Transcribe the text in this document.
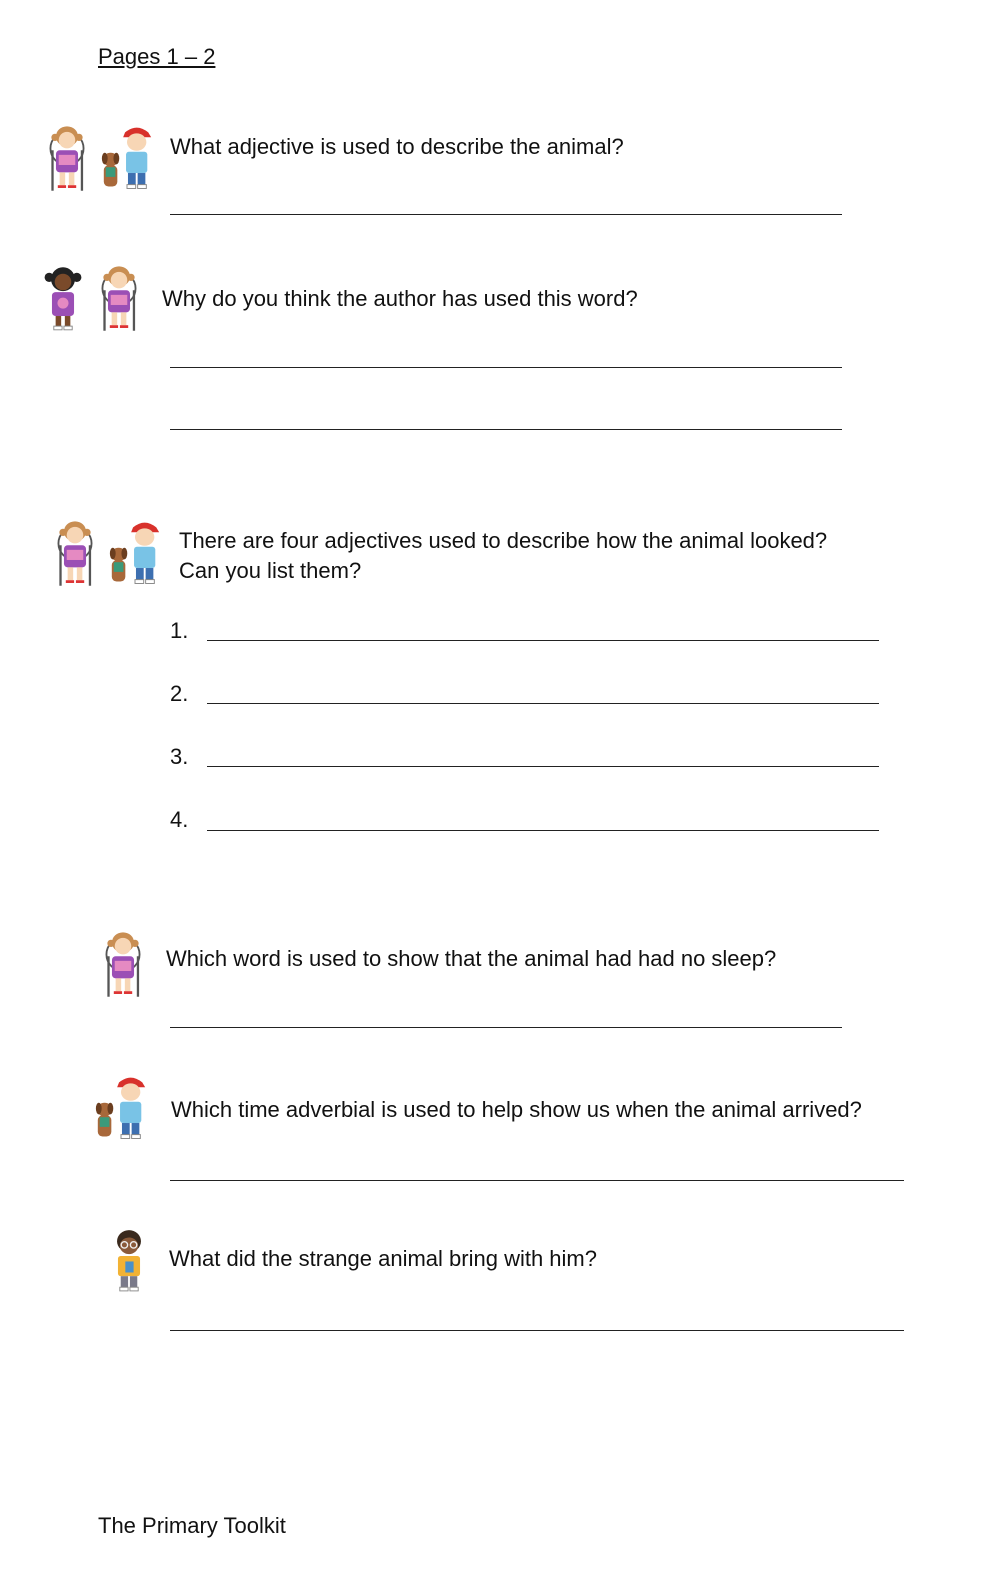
Pages 1 – 2
What adjective is used to describe the animal?
Why do you think the author has used this word?
There are four adjectives used to describe how the animal looked?
Can you list them?
1.
2.
3.
4.
Which word is used to show that the animal had had no sleep?
Which time adverbial is used to help show us when the animal arrived?
What did the strange animal bring with him?
The Primary Toolkit
